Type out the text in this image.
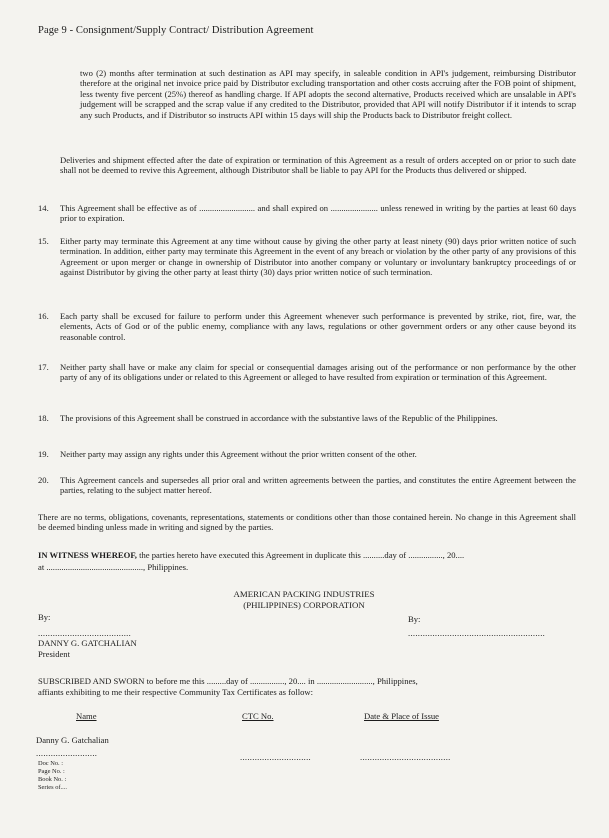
Page 9 - Consignment/Supply Contract/ Distribution Agreement
two (2) months after termination at such destination as API may specify, in saleable condition in API's judgement, reimbursing Distributor therefore at the original net invoice price paid by Distributor excluding transportation and other costs accruing after the FOB point of shipment, less twenty five percent (25%) thereof as handling charge. If API adopts the second alternative, Products received which are unsalable in API's judgement will be scrapped and the scrap value if any credited to the Distributor, provided that API will notify Distributor if it intends to scrap any such Products, and if Distributor so instructs API within 15 days will ship the Products back to Distributor freight collect.
Deliveries and shipment effected after the date of expiration or termination of this Agreement as a result of orders accepted on or prior to such date shall not be deemed to revive this Agreement, although Distributor shall be liable to pay API for the Products thus delivered or shipped.
14. This Agreement shall be effective as of .......................... and shall expired on ...................... unless renewed in writing by the parties at least 60 days prior to expiration.
15. Either party may terminate this Agreement at any time without cause by giving the other party at least ninety (90) days prior written notice of such termination. In addition, either party may terminate this Agreement in the event of any breach or violation by the other party of any provisions of this Agreement or upon merger or change in ownership of Distributor into another company or voluntary or involuntary bankruptcy proceedings of or against Distributor by giving the other party at least thirty (30) days prior written notice of such termination.
16. Each party shall be excused for failure to perform under this Agreement whenever such performance is prevented by strike, riot, fire, war, the elements, Acts of God or of the public enemy, compliance with any laws, regulations or other government orders or any other cause beyond its reasonable control.
17. Neither party shall have or make any claim for special or consequential damages arising out of the performance or non performance by the other party of any of its obligations under or related to this Agreement or alleged to have resulted from expiration or termination of this Agreement.
18. The provisions of this Agreement shall be construed in accordance with the substantive laws of the Republic of the Philippines.
19. Neither party may assign any rights under this Agreement without the prior written consent of the other.
20. This Agreement cancels and supersedes all prior oral and written agreements between the parties, and constitutes the entire Agreement between the parties, relating to the subject matter hereof.
There are no terms, obligations, covenants, representations, statements or conditions other than those contained herein. No change in this Agreement shall be deemed binding unless made in writing and signed by the parties.
IN WITNESS WHEREOF, the parties hereto have executed this Agreement in duplicate this ..........day of ................, 20....
at ............................................., Philippines.
AMERICAN PACKING INDUSTRIES
(PHILIPPINES) CORPORATION
By:	By:
......................................	........................................................
DANNY G. GATCHALIAN
President
SUBSCRIBED AND SWORN to before me this .........day of ................, 20.... in .........................., Philippines,
affiants exhibiting to me their respective Community Tax Certificates as follow:
Name	CTC No.	Date & Place of Issue
Danny G. Gatchalian
.........................	.............................	.....................................
Doc No. :
Page No. :
Book No. :
Series of....
